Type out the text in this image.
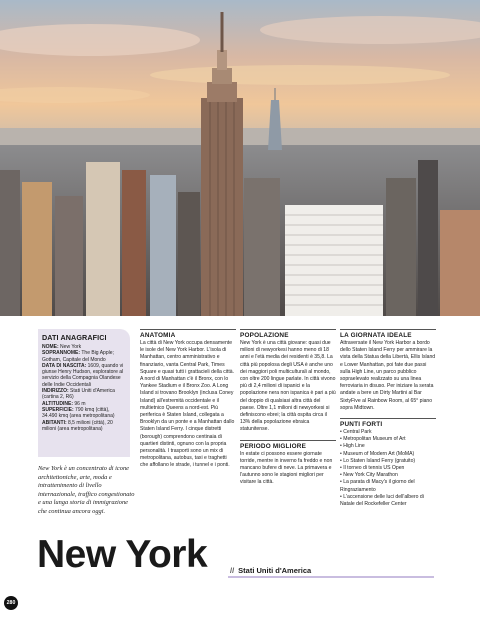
DATI ANAGRAFICI
NOME: New York
SOPRANNOME: The Big Apple; Gotham, Capitale del Mondo
DATA DI NASCITA: 1609, quando vi giunse Henry Hudson, esploratore al servizio della Compagnia Olandese delle Indie Occidentali
INDIRIZZO: Stati Uniti d'America (cartina 2, R6)
ALTITUDINE: 96 m
SUPERFICIE: 790 kmq (città), 34.490 kmq (area metropolitana)
ABITANTI: 8,5 milioni (città), 20 milioni (area metropolitana)
New York è un concentrato di icone architettoniche, arte, moda e intrattenimento di livello internazionale, traffico congestionato e una lunga storia di immigrazione che continua ancora oggi.
ANATOMIA

La città di New York occupa densamente le isole del New York Harbor. L'isola di Manhattan, centro amministrativo e finanziario, vanta Central Park, Times Square e quasi tutti i grattacieli della città. A nord di Manhattan c'è il Bronx, con lo Yankee Stadium e il Bronx Zoo. A Long Island si trovano Brooklyn (inclusa Coney Island) all'estremità occidentale e il multietnico Queens a nord-est. Più periferica è Staten Island, collegata a Brooklyn da un ponte e a Manhattan dallo Staten Island Ferry. I cinque distretti (borough) comprendono centinaia di quartieri distinti, ognuno con la propria personalità. I trasporti sono un mix di metropolitana, autobus, taxi e traghetti che affollano le strade, i tunnel e i ponti.

POPOLAZIONE

New York è una città giovane: quasi due milioni di newyorkesi hanno meno di 18 anni e l'età media dei residenti è 35,8. La città più popolosa degli USA è anche uno dei maggiori poli multiculturali al mondo, con oltre 200 lingue parlate. In città vivono più di 2,4 milioni di ispanici e la popolazione nera non ispanica è pari a più del doppio di qualsiasi altra città del paese. Oltre 1,1 milioni di newyorkesi si definiscono ebrei; la città ospita circa il 13% della popolazione ebraica statunitense.

PERIODO MIGLIORE

In estate ci possono essere giornate torride, mentre in inverno fa freddo e non mancano bufere di neve. La primavera e l'autunno sono le stagioni migliori per visitare la città.

LA GIORNATA IDEALE

Attraversate il New York Harbor a bordo dello Staten Island Ferry per ammirare la vista della Statua della Libertà, Ellis Island e Lower Manhattan, poi fate due passi sulla High Line, un parco pubblico sopraelevato realizzato su una linea ferroviaria in disuso. Per iniziare la serata andate a bere un Dirty Martini al Bar SixtyFive al Rainbow Room, al 65° piano sopra Midtown.

PUNTI FORTI
• Central Park
• Metropolitan Museum of Art
• High Line
• Museum of Modern Art (MoMA)
• Lo Staten Island Ferry (gratuito)
• Il torneo di tennis US Open
• New York City Marathon
• La parata di Macy's il giorno del Ringraziamento
• L'accensione delle luci dell'albero di Natale del Rockefeller Center
New York	// Stati Uniti d'America
280
